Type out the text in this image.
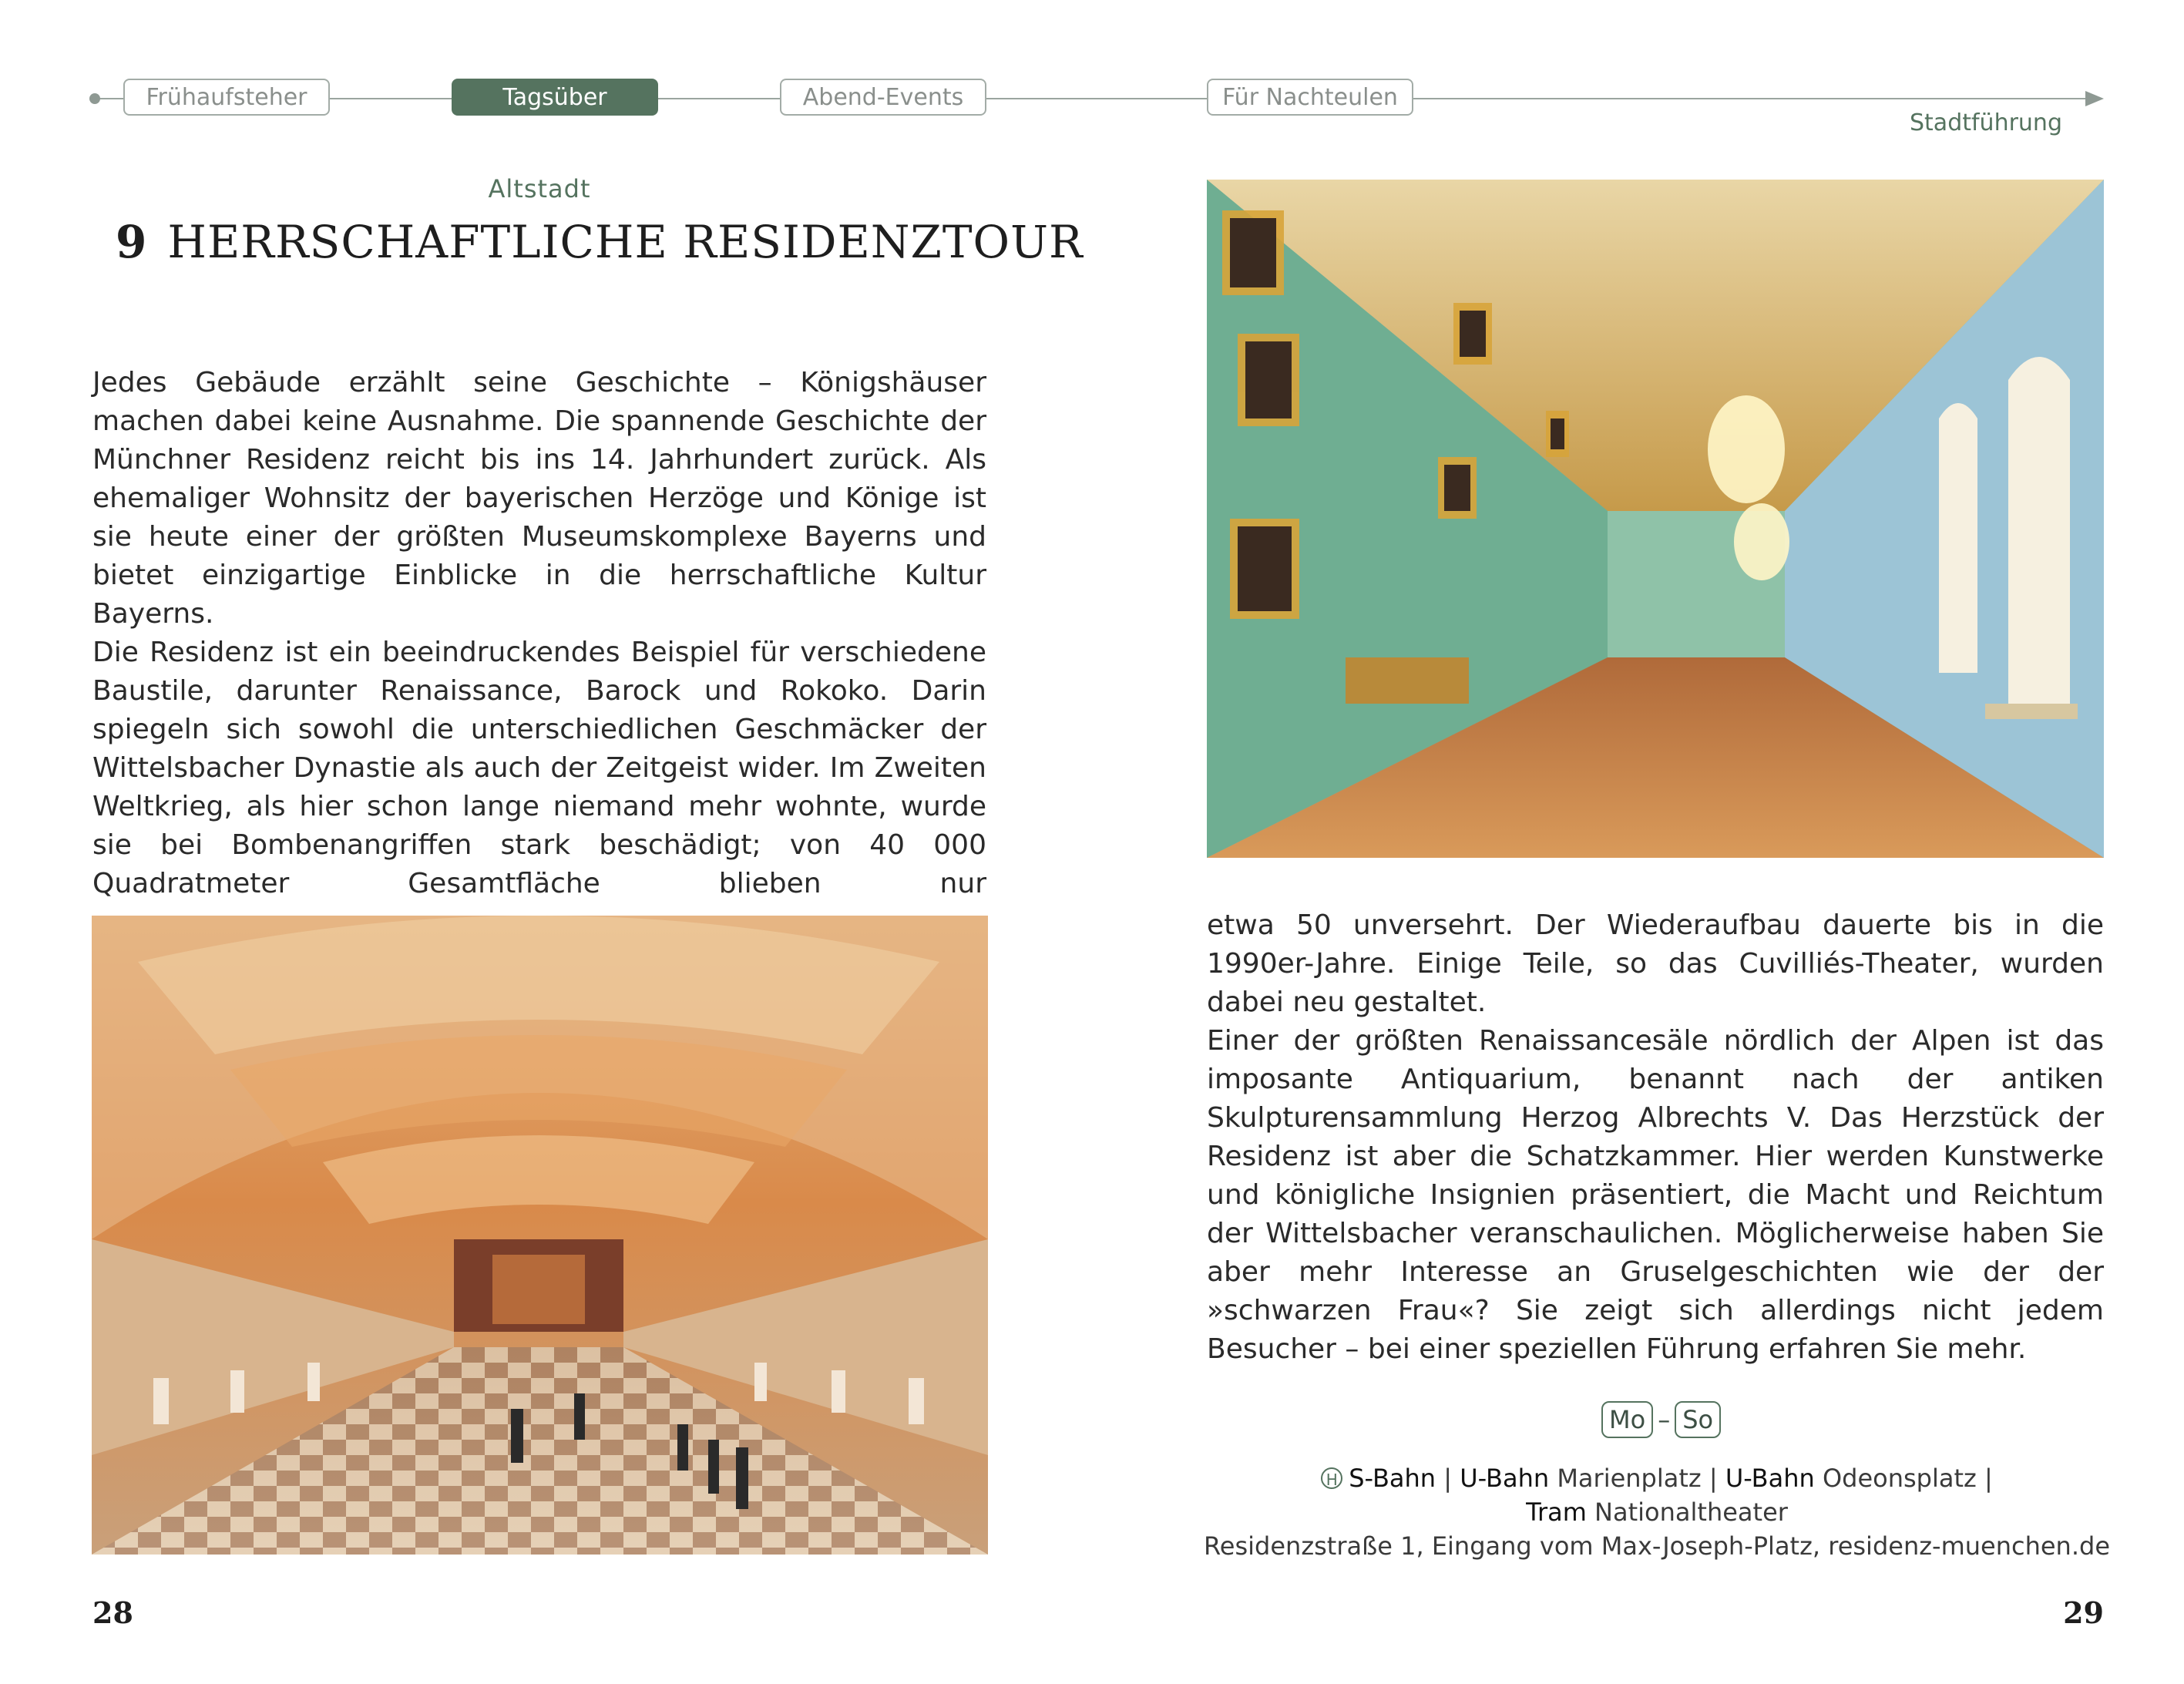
Frühaufsteher	Tagsüber	Abend-Events	Für Nachteulen
Stadtführung
Altstadt
9 HERRSCHAFTLICHE RESIDENZTOUR

Jedes Gebäude erzählt seine Geschichte – Königshäuser machen dabei keine Ausnahme. Die spannende Geschichte der Münchner Residenz reicht bis ins 14. Jahrhundert zurück. Als ehemaliger Wohnsitz der bayerischen Herzöge und Könige ist sie heute einer der größten Museumskomplexe Bayerns und bietet einzigartige Einblicke in die herrschaftliche Kultur Bayerns.

Die Residenz ist ein beeindruckendes Beispiel für verschiedene Baustile, darunter Renaissance, Barock und Rokoko. Darin spiegeln sich sowohl die unterschiedlichen Geschmäcker der Wittelsbacher Dynastie als auch der Zeitgeist wider. Im Zweiten Weltkrieg, als hier schon lange niemand mehr wohnte, wurde sie bei Bombenangriffen stark beschädigt; von 40 000 Quadratmeter Gesamtfläche blieben nur

etwa 50 unversehrt. Der Wiederaufbau dauerte bis in die 1990er-Jahre. Einige Teile, so das Cuvilliés-Theater, wurden dabei neu gestaltet.

Einer der größten Renaissancesäle nördlich der Alpen ist das imposante Antiquarium, benannt nach der antiken Skulpturensammlung Herzog Albrechts V. Das Herzstück der Residenz ist aber die Schatzkammer. Hier werden Kunstwerke und königliche Insignien präsentiert, die Macht und Reichtum der Wittelsbacher veranschaulichen. Möglicherweise haben Sie aber mehr Interesse an Gruselgeschichten wie der der »schwarzen Frau«? Sie zeigt sich allerdings nicht jedem Besucher – bei einer speziellen Führung erfahren Sie mehr.

Mo – So
H S-Bahn | U-Bahn Marienplatz | U-Bahn Odeonsplatz |
Tram Nationaltheater
Residenzstraße 1, Eingang vom Max-Joseph-Platz, residenz-muenchen.de
28	29
